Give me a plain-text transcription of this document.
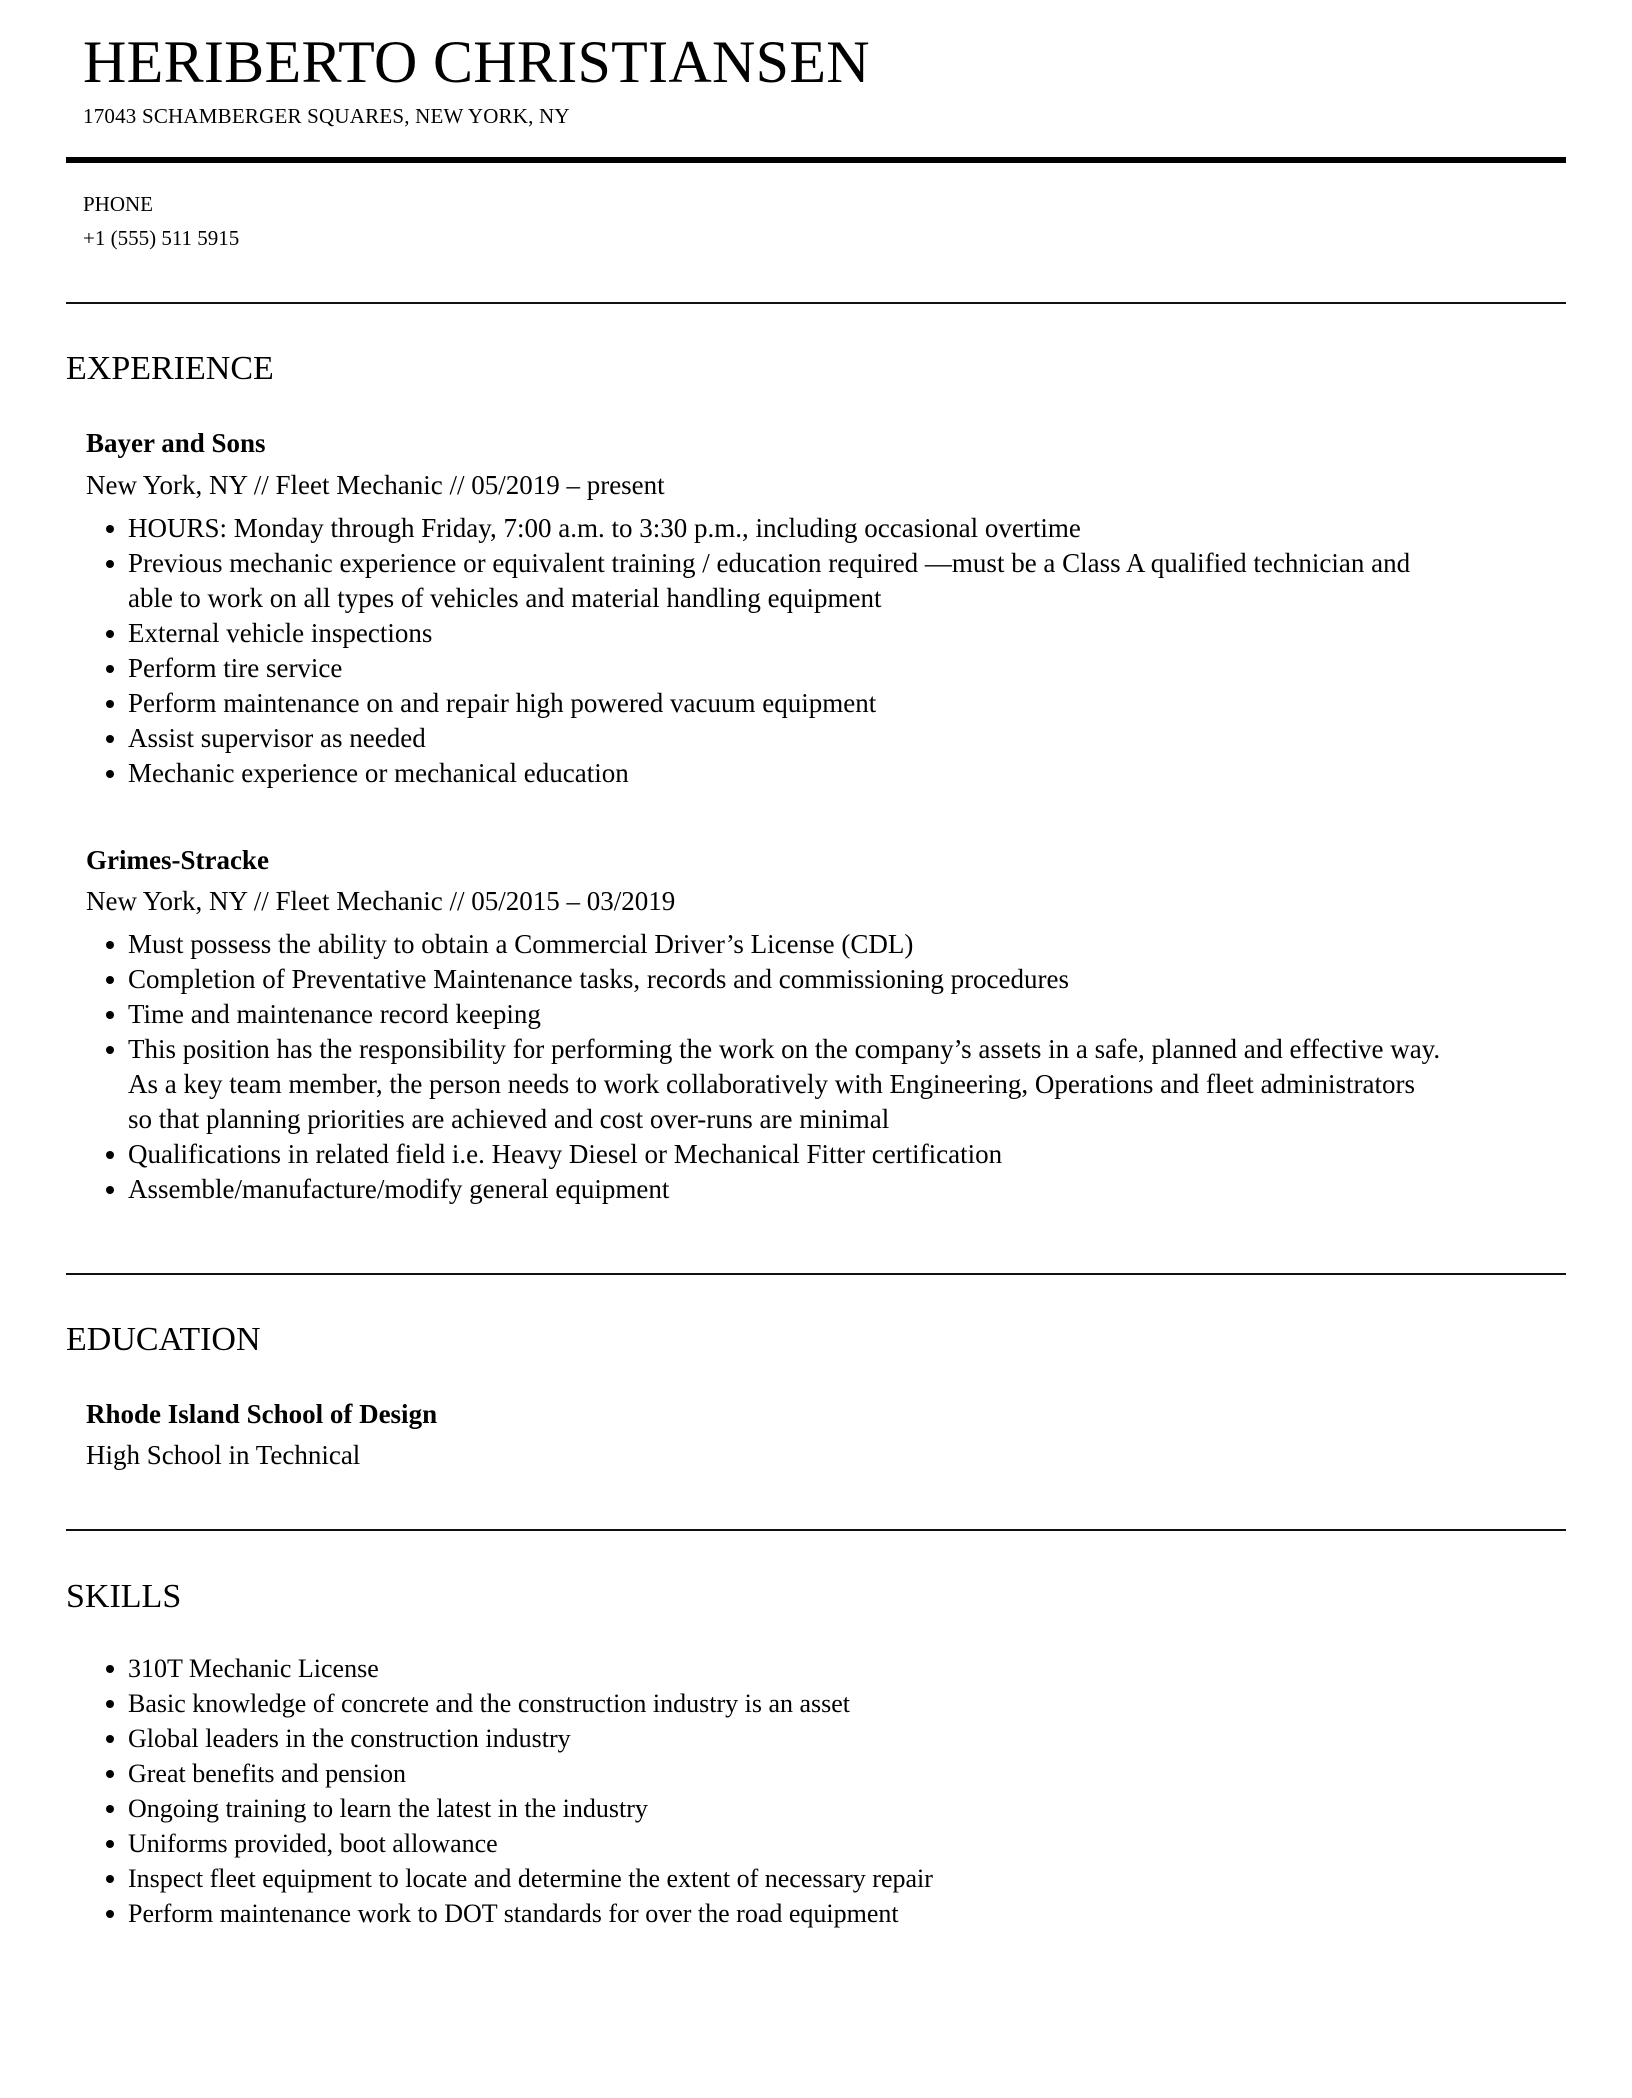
HERIBERTO CHRISTIANSEN
17043 SCHAMBERGER SQUARES, NEW YORK, NY
PHONE
+1 (555) 511 5915
EXPERIENCE
Bayer and Sons
New York, NY // Fleet Mechanic // 05/2019 – present
HOURS: Monday through Friday, 7:00 a.m. to 3:30 p.m., including occasional overtime
Previous mechanic experience or equivalent training / education required —must be a Class A qualified technician and
able to work on all types of vehicles and material handling equipment
External vehicle inspections
Perform tire service
Perform maintenance on and repair high powered vacuum equipment
Assist supervisor as needed
Mechanic experience or mechanical education
Grimes-Stracke
New York, NY // Fleet Mechanic // 05/2015 – 03/2019
Must possess the ability to obtain a Commercial Driver’s License (CDL)
Completion of Preventative Maintenance tasks, records and commissioning procedures
Time and maintenance record keeping
This position has the responsibility for performing the work on the company’s assets in a safe, planned and effective way.
As a key team member, the person needs to work collaboratively with Engineering, Operations and fleet administrators
so that planning priorities are achieved and cost over-runs are minimal
Qualifications in related field i.e. Heavy Diesel or Mechanical Fitter certification
Assemble/manufacture/modify general equipment
EDUCATION
Rhode Island School of Design
High School in Technical
SKILLS
310T Mechanic License
Basic knowledge of concrete and the construction industry is an asset
Global leaders in the construction industry
Great benefits and pension
Ongoing training to learn the latest in the industry
Uniforms provided, boot allowance
Inspect fleet equipment to locate and determine the extent of necessary repair
Perform maintenance work to DOT standards for over the road equipment
